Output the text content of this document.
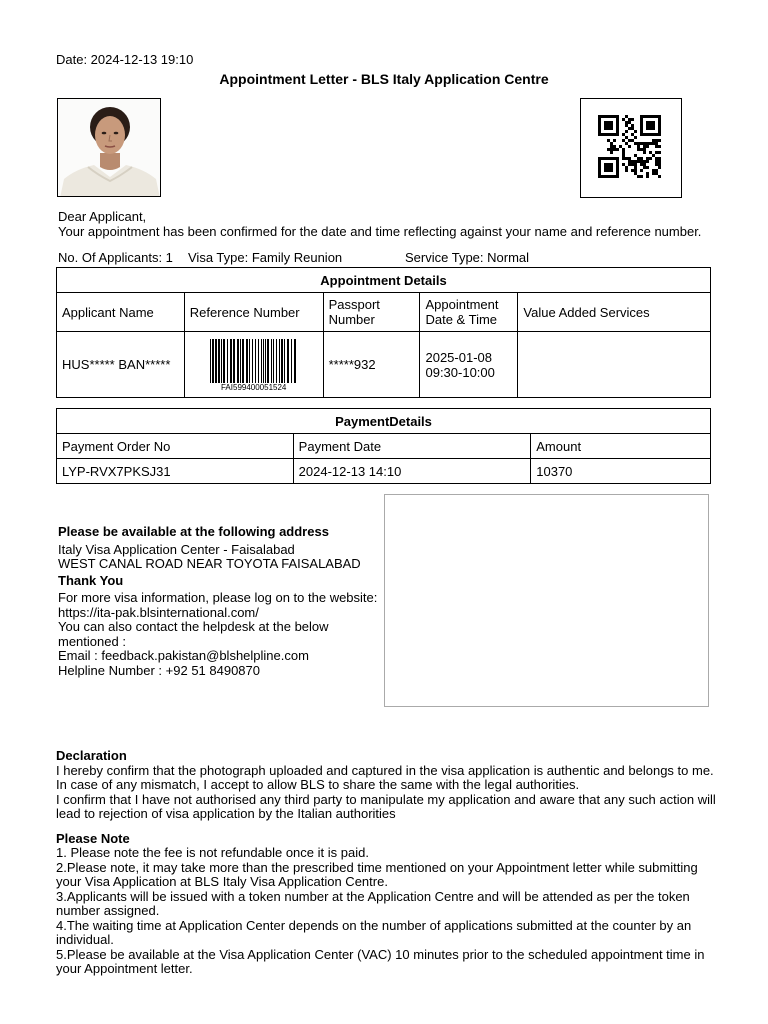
Date: 2024-12-13 19:10
Appointment Letter - BLS Italy Application Centre
Dear Applicant,
Your appointment has been confirmed for the date and time reflecting against your name and reference number.
No. Of Applicants: 1 Visa Type: Family Reunion	Service Type: Normal
Appointment Details				
Applicant Name	Reference Number	Passport Number	Appointment Date & Time	Value Added Services
HUS***** BAN*****	FAI599400051524	*****932	2025-01-08
09:30-10:00	

PaymentDetails		
Payment Order No	Payment Date	Amount
LYP-RVX7PKSJ31	2024-12-13 14:10	10370
Please be available at the following address
Italy Visa Application Center - Faisalabad
WEST CANAL ROAD NEAR TOYOTA FAISALABAD
Thank You
For more visa information, please log on to the website:
https://ita-pak.blsinternational.com/
You can also contact the helpdesk at the below mentioned :
Email : feedback.pakistan@blshelpline.com
Helpline Number : +92 51 8490870
Declaration
I hereby confirm that the photograph uploaded and captured in the visa application is authentic and belongs to me. In case of any mismatch, I accept to allow BLS to share the same with the legal authorities.
I confirm that I have not authorised any third party to manipulate my application and aware that any such action will lead to rejection of visa application by the Italian authorities
Please Note
1. Please note the fee is not refundable once it is paid.
2.Please note, it may take more than the prescribed time mentioned on your Appointment letter while submitting your Visa Application at BLS Italy Visa Application Centre.
3.Applicants will be issued with a token number at the Application Centre and will be attended as per the token number assigned.
4.The waiting time at Application Center depends on the number of applications submitted at the counter by an individual.
5.Please be available at the Visa Application Center (VAC) 10 minutes prior to the scheduled appointment time in your Appointment letter.
